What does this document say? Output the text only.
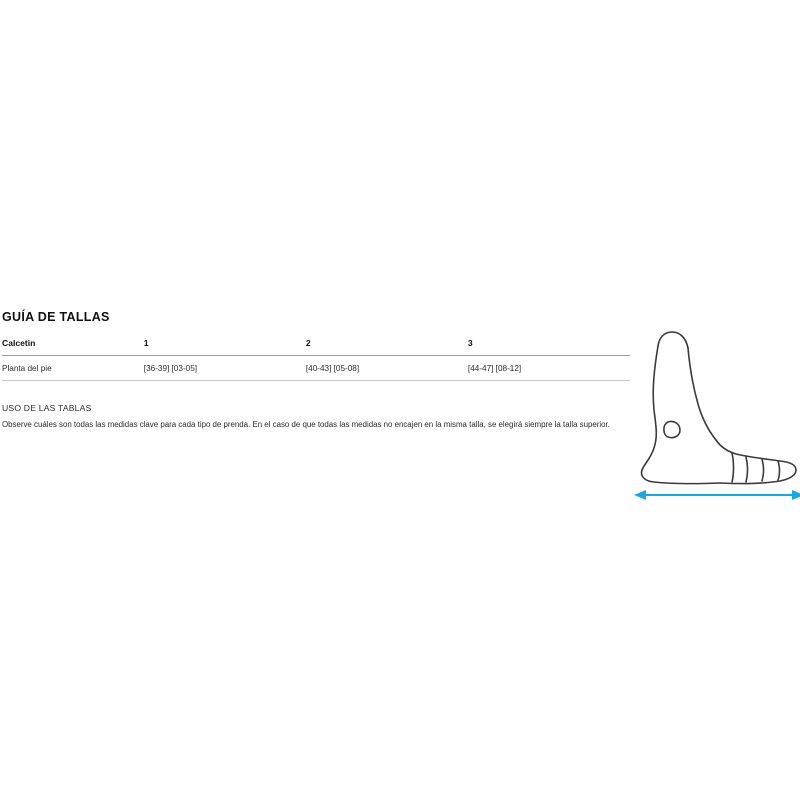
GUÍA DE TALLAS
Calcetin	1	2	3
Planta del pie	[36-39] [03-05]	[40-43] [05-08]	[44-47] [08-12]
USO DE LAS TABLAS

Observe cuáles son todas las medidas clave para cada tipo de prenda. En el caso de que todas las medidas no encajen en la misma talla, se elegirá siempre la talla superior.
